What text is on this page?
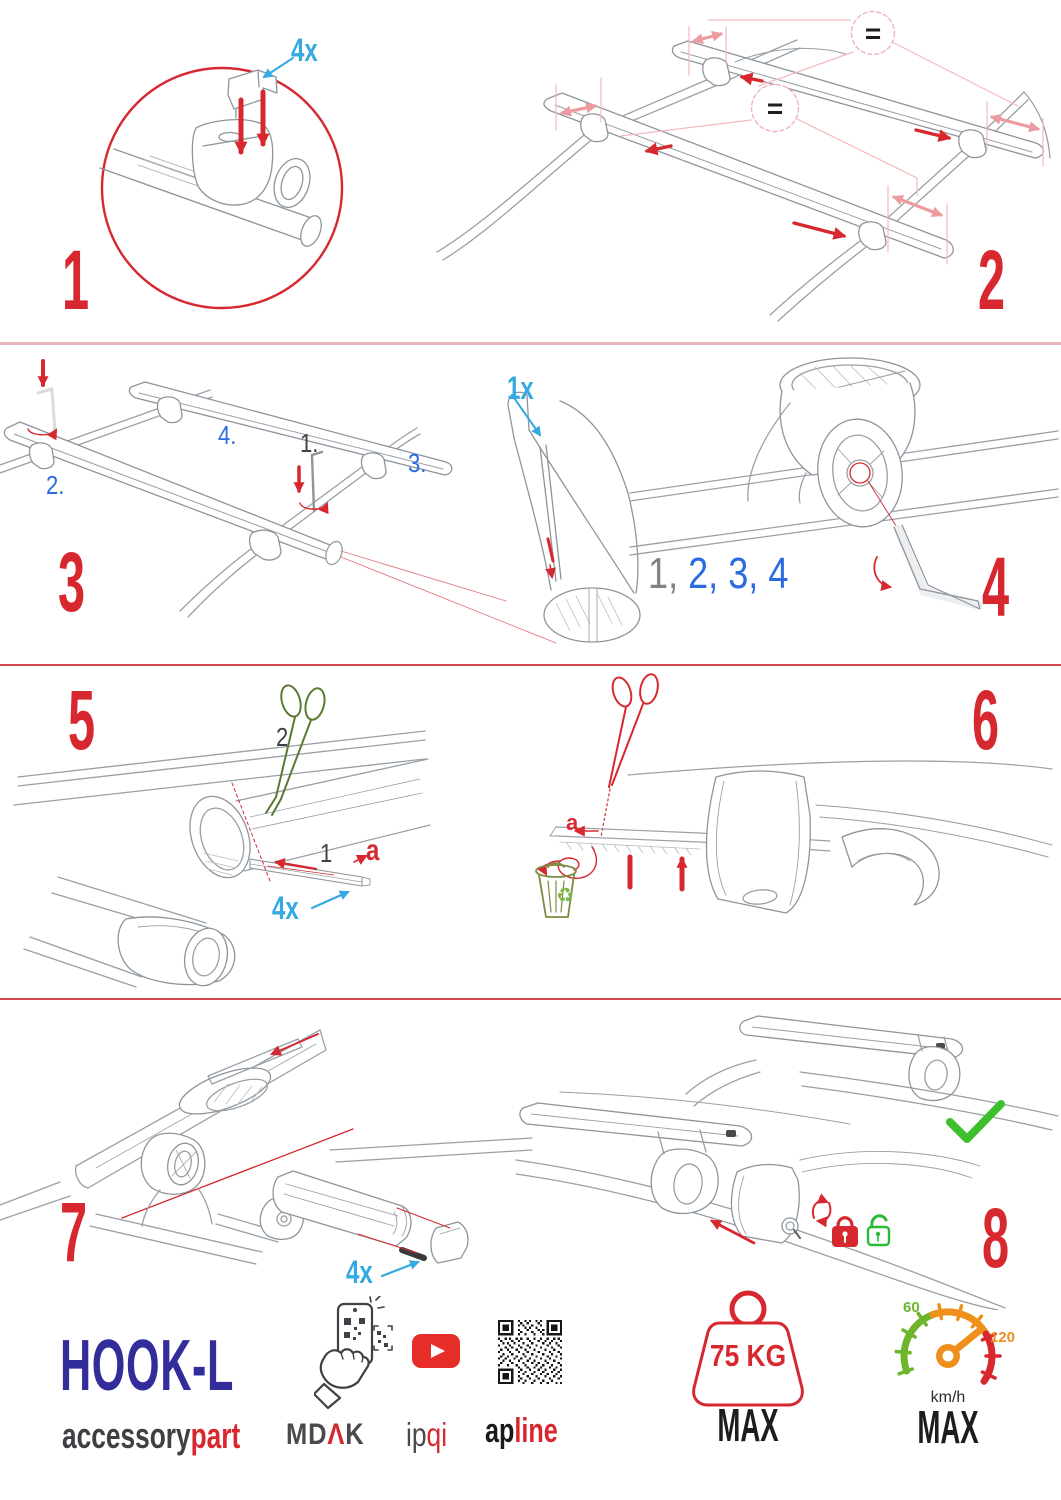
1
4x	=
=
2
3
1x
1.
2.
3.
4.
1, 2, 3, 4 4
5	2
1 a
4x
6
a
♻
7	4x	8
HOOK-L
accessorypart MDΛK ipqi apline
75 KG
MAX
60
120
km/h
MAX
